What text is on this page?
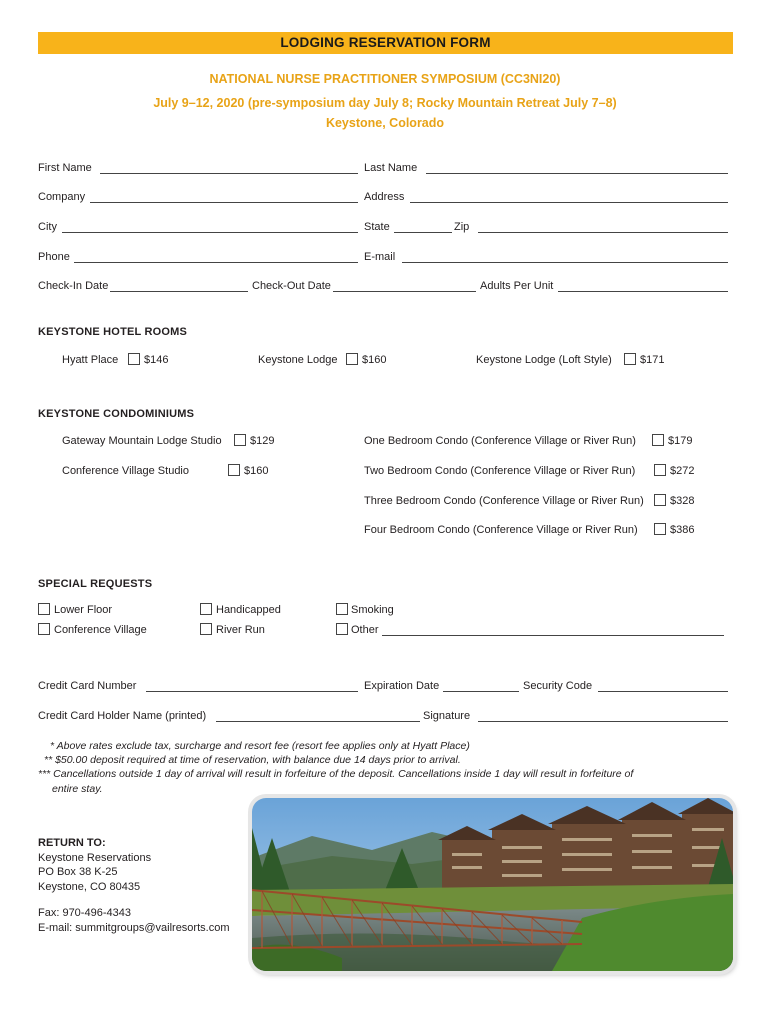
LODGING RESERVATION FORM
NATIONAL NURSE PRACTITIONER SYMPOSIUM (CC3NI20)
July 9–12, 2020 (pre-symposium day July 8; Rocky Mountain Retreat July 7–8)
Keystone, Colorado
First Name	Last Name
Company	Address
City	State	Zip
Phone	E-mail
Check-In Date	Check-Out Date	Adults Per Unit
KEYSTONE HOTEL ROOMS
Hyatt Place $146	Keystone Lodge $160	Keystone Lodge (Loft Style)	$171
KEYSTONE CONDOMINIUMS
Gateway Mountain Lodge Studio	$129
Conference Village Studio	$160
One Bedroom Condo (Conference Village or River Run)	$179
Two Bedroom Condo (Conference Village or River Run)	$272
Three Bedroom Condo (Conference Village or River Run) $328
Four Bedroom Condo (Conference Village or River Run)	$386
SPECIAL REQUESTS
Lower Floor
Conference Village
Handicapped
River Run
Smoking
Other
Credit Card Number	Expiration Date	Security Code
Credit Card Holder Name (printed)	Signature
* Above rates exclude tax, surcharge and resort fee (resort fee applies only at Hyatt Place)
** $50.00 deposit required at time of reservation, with balance due 14 days prior to arrival.
*** Cancellations outside 1 day of arrival will result in forfeiture of the deposit. Cancellations inside 1 day will result in forfeiture of
entire stay.
RETURN TO:
Keystone Reservations
PO Box 38 K-25
Keystone, CO 80435
Fax: 970-496-4343
E-mail: summitgroups@vailresorts.com
